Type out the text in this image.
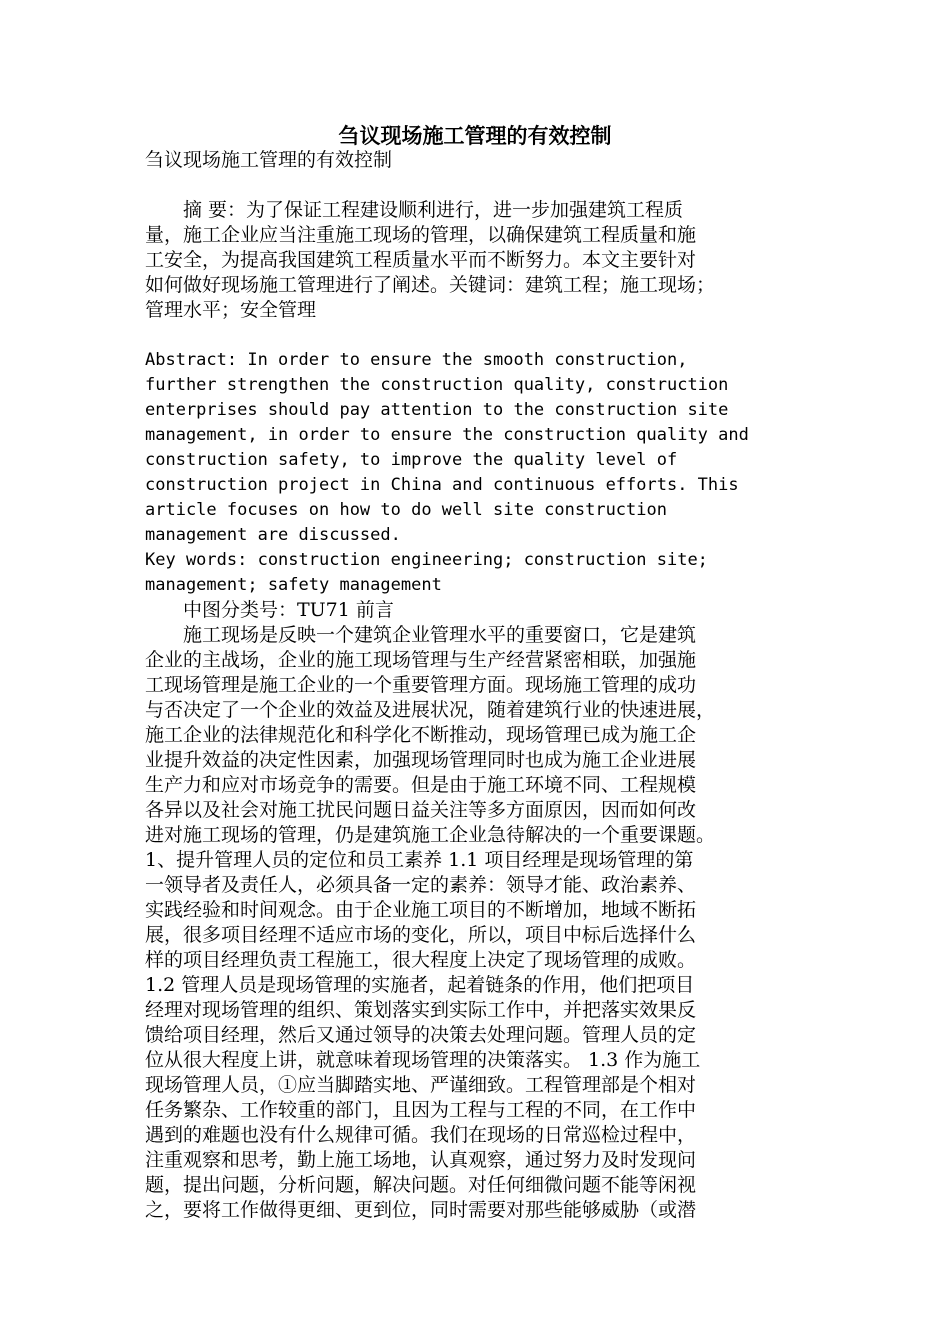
刍议现场施工管理的有效控制

刍议现场施工管理的有效控制

　　摘 要：为了保证工程建设顺利进行，进一步加强建筑工程质

量，施工企业应当注重施工现场的管理，以确保建筑工程质量和施

工安全，为提高我国建筑工程质量水平而不断努力。本文主要针对

如何做好现场施工管理进行了阐述。关键词：建筑工程；施工现场；

管理水平；安全管理

Abstract: In order to ensure the smooth construction,

further strengthen the construction quality, construction

enterprises should pay attention to the construction site

management, in order to ensure the construction quality and

construction safety, to improve the quality level of

construction project in China and continuous efforts. This

article focuses on how to do well site construction

management are discussed.

Key words: construction engineering; construction site;

management; safety management

　　中图分类号：TU71 前言

　　施工现场是反映一个建筑企业管理水平的重要窗口，它是建筑

企业的主战场，企业的施工现场管理与生产经营紧密相联，加强施

工现场管理是施工企业的一个重要管理方面。现场施工管理的成功

与否决定了一个企业的效益及进展状况，随着建筑行业的快速进展，

施工企业的法律规范化和科学化不断推动，现场管理已成为施工企

业提升效益的决定性因素，加强现场管理同时也成为施工企业进展

生产力和应对市场竞争的需要。但是由于施工环境不同、工程规模

各异以及社会对施工扰民问题日益关注等多方面原因，因而如何改

进对施工现场的管理，仍是建筑施工企业急待解决的一个重要课题。

1、提升管理人员的定位和员工素养 1.1 项目经理是现场管理的第

一领导者及责任人，必须具备一定的素养：领导才能、政治素养、

实践经验和时间观念。由于企业施工项目的不断增加，地域不断拓

展，很多项目经理不适应市场的变化，所以，项目中标后选择什么

样的项目经理负责工程施工，很大程度上决定了现场管理的成败。

1.2 管理人员是现场管理的实施者，起着链条的作用，他们把项目

经理对现场管理的组织、策划落实到实际工作中，并把落实效果反

馈给项目经理，然后又通过领导的决策去处理问题。管理人员的定

位从很大程度上讲，就意味着现场管理的决策落实。 1.3 作为施工

现场管理人员，①应当脚踏实地、严谨细致。工程管理部是个相对

任务繁杂、工作较重的部门，且因为工程与工程的不同，在工作中

遇到的难题也没有什么规律可循。我们在现场的日常巡检过程中，

注重观察和思考，勤上施工场地，认真观察，通过努力及时发现问

题，提出问题，分析问题，解决问题。对任何细微问题不能等闲视

之，要将工作做得更细、更到位，同时需要对那些能够威胁（或潜
